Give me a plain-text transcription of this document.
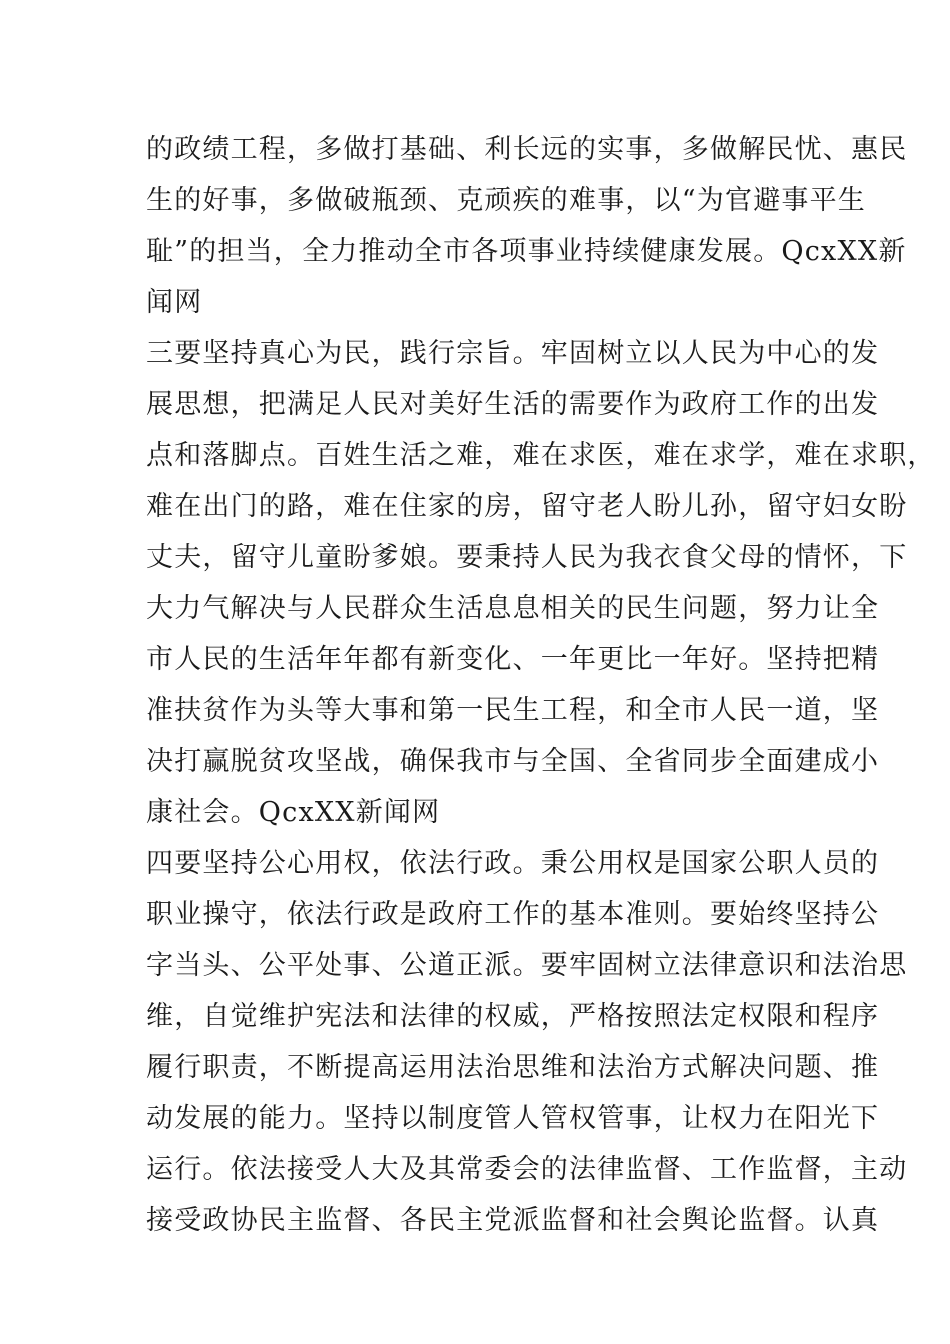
的政绩工程，多做打基础、利长远的实事，多做解民忧、惠民
生的好事，多做破瓶颈、克顽疾的难事，以“为官避事平生
耻”的担当，全力推动全市各项事业持续健康发展。QcxXX新
闻网
三要坚持真心为民，践行宗旨。牢固树立以人民为中心的发
展思想，把满足人民对美好生活的需要作为政府工作的出发
点和落脚点。百姓生活之难，难在求医，难在求学，难在求职，
难在出门的路，难在住家的房，留守老人盼儿孙，留守妇女盼
丈夫，留守儿童盼爹娘。要秉持人民为我衣食父母的情怀，下
大力气解决与人民群众生活息息相关的民生问题，努力让全
市人民的生活年年都有新变化、一年更比一年好。坚持把精
准扶贫作为头等大事和第一民生工程，和全市人民一道，坚
决打赢脱贫攻坚战，确保我市与全国、全省同步全面建成小
康社会。QcxXX新闻网
四要坚持公心用权，依法行政。秉公用权是国家公职人员的
职业操守，依法行政是政府工作的基本准则。要始终坚持公
字当头、公平处事、公道正派。要牢固树立法律意识和法治思
维，自觉维护宪法和法律的权威，严格按照法定权限和程序
履行职责，不断提高运用法治思维和法治方式解决问题、推
动发展的能力。坚持以制度管人管权管事，让权力在阳光下
运行。依法接受人大及其常委会的法律监督、工作监督，主动
接受政协民主监督、各民主党派监督和社会舆论监督。认真
